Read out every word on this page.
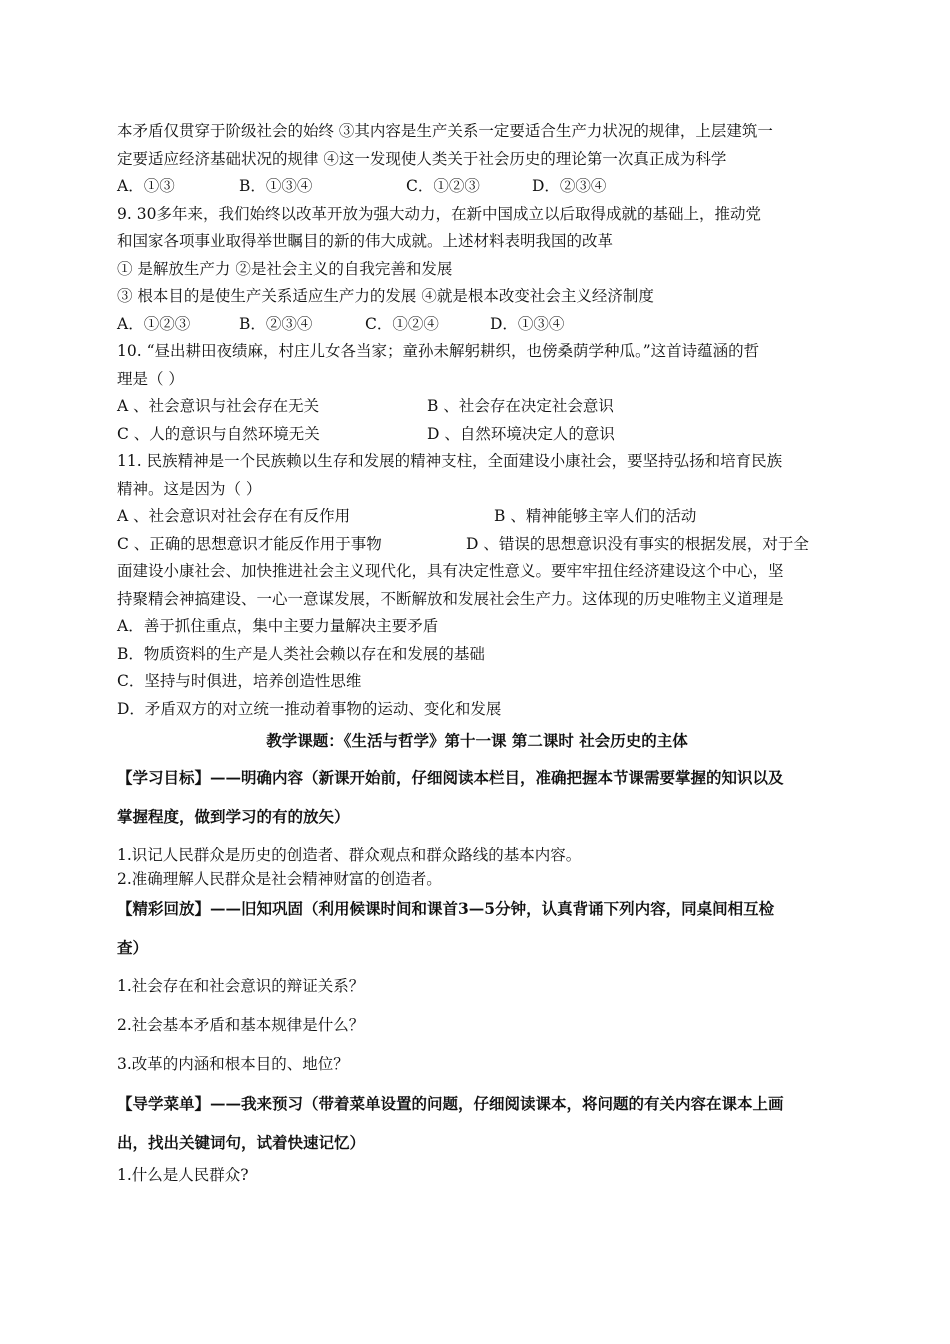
本矛盾仅贯穿于阶级社会的始终 ③其内容是生产关系一定要适合生产力状况的规律，上层建筑一
定要适应经济基础状况的规律 ④这一发现使人类关于社会历史的理论第一次真正成为科学
A．①③	B．①③④	C．①②③	D．②③④
9. 30多年来，我们始终以改革开放为强大动力，在新中国成立以后取得成就的基础上，推动党
和国家各项事业取得举世瞩目的新的伟大成就。上述材料表明我国的改革
① 是解放生产力 ②是社会主义的自我完善和发展
③ 根本目的是使生产关系适应生产力的发展 ④就是根本改变社会主义经济制度
A．①②③	B．②③④	C．①②④	D．①③④
10. “昼出耕田夜绩麻，村庄儿女各当家；童孙未解躬耕织，也傍桑荫学种瓜。”这首诗蕴涵的哲
理是（ ）
A 、社会意识与社会存在无关	B 、社会存在决定社会意识
C 、人的意识与自然环境无关	D 、自然环境决定人的意识
11. 民族精神是一个民族赖以生存和发展的精神支柱，全面建设小康社会，要坚持弘扬和培育民族
精神。这是因为（ ）
A 、社会意识对社会存在有反作用	B 、精神能够主宰人们的活动
C 、正确的思想意识才能反作用于事物	D 、错误的思想意识没有事实的根据发展，对于全
面建设小康社会、加快推进社会主义现代化，具有决定性意义。要牢牢扭住经济建设这个中心，坚
持聚精会神搞建设、一心一意谋发展，不断解放和发展社会生产力。这体现的历史唯物主义道理是
A．善于抓住重点，集中主要力量解决主要矛盾
B．物质资料的生产是人类社会赖以存在和发展的基础
C．坚持与时俱进，培养创造性思维
D．矛盾双方的对立统一推动着事物的运动、变化和发展
教学课题：《生活与哲学》第十一课 第二课时 社会历史的主体
【学习目标】——明确内容（新课开始前，仔细阅读本栏目，准确把握本节课需要掌握的知识以及
掌握程度，做到学习的有的放矢）
1.识记人民群众是历史的创造者、群众观点和群众路线的基本内容。
2.准确理解人民群众是社会精神财富的创造者。
【精彩回放】——旧知巩固（利用候课时间和课首3—5分钟，认真背诵下列内容，同桌间相互检
查）
1.社会存在和社会意识的辩证关系？
2.社会基本矛盾和基本规律是什么？
3.改革的内涵和根本目的、地位？
【导学菜单】——我来预习（带着菜单设置的问题，仔细阅读课本，将问题的有关内容在课本上画
出，找出关键词句，试着快速记忆）
1.什么是人民群众?
